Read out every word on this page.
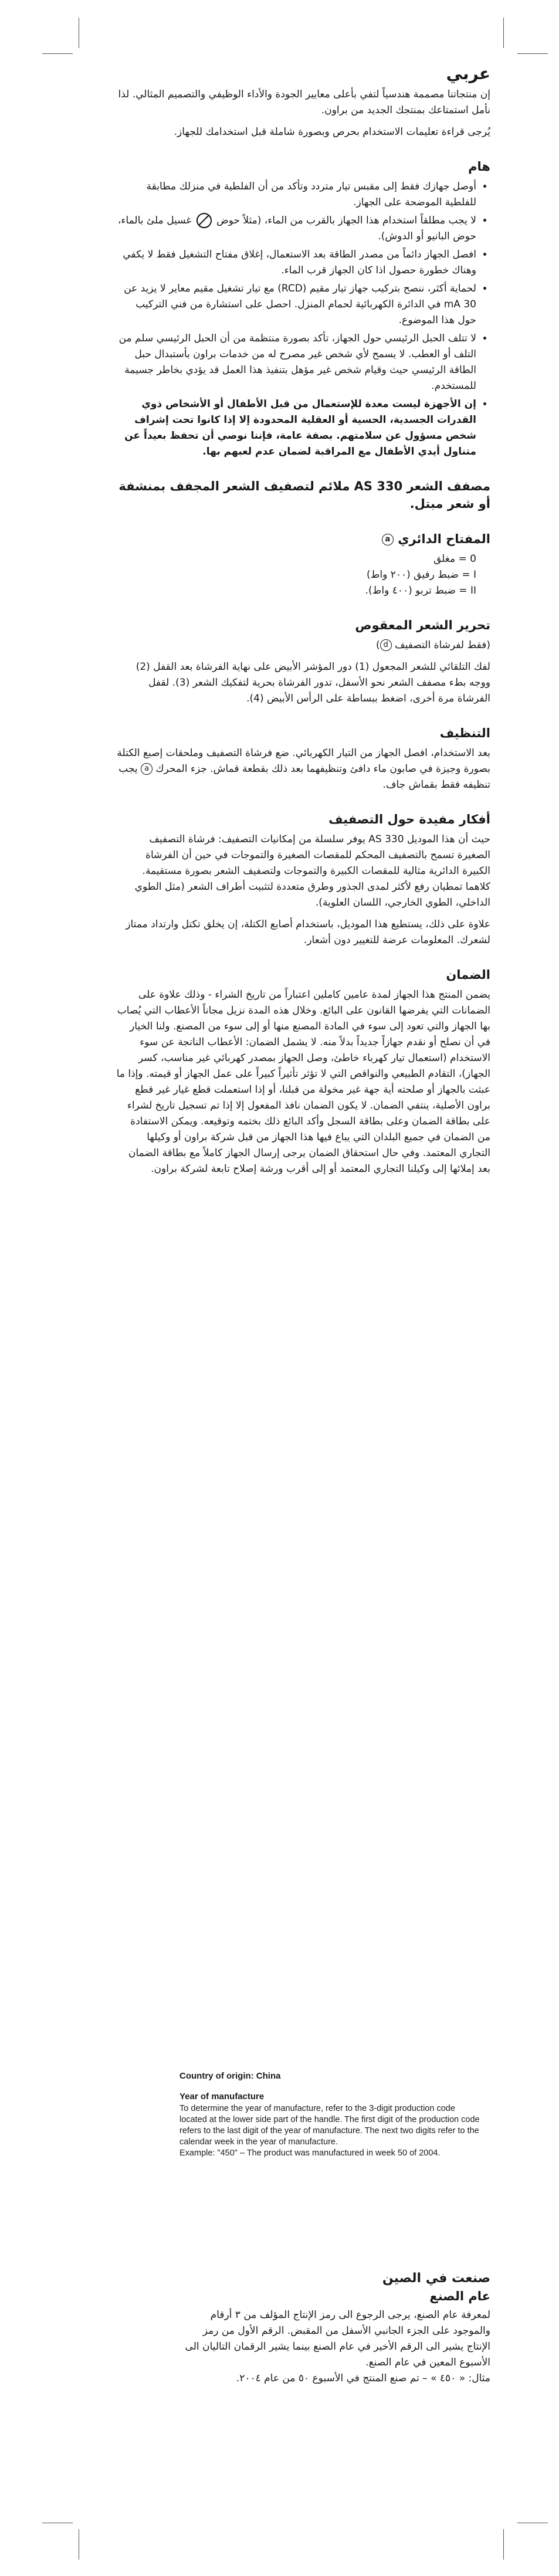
عربي

إن منتجاتنا مصممة هندسياً لتفي بأعلى معايير الجودة والأداء الوظيفي والتصميم المثالي. لذا نأمل استمتاعك بمنتجك الجديد من براون.

يُرجى قراءة تعليمات الاستخدام بحرص وبصورة شاملة قبل استخدامك للجهاز.

هام
• أوصل جهازك فقط إلى مقبس تيار متردد وتأكد من أن الفلطية في منزلك مطابقة للفلطية الموضحة على الجهاز.
• لا يجب مطلقاً استخدام هذا الجهاز بالقرب من الماء، (مثلاً حوض  غسيل ملئ بالماء، حوض البانيو أو الدوش).
• افصل الجهاز دائماً من مصدر الطاقة بعد الاستعمال، إغلاق مفتاح التشغيل فقط لا يكفي وهناك خطورة حصول اذا كان الجهاز قرب الماء.
• لحماية أكثر، ننصح بتركيب جهاز تيار مقيم (RCD) مع تيار تشغيل مقيم معاير لا يزيد عن 30 mA في الدائرة الكهربائية لحمام المنزل. احصل على استشارة من فني التركيب حول هذا الموضوع.
• لا تتلف الحبل الرئيسي حول الجهاز، تأكد بصورة منتظمة من أن الحبل الرئيسي سلم من التلف أو العطب. لا يسمح لأي شخص غير مصرح له من خدمات براون بأستبدال حبل الطاقة الرئيسي حيث وقيام شخص غير مؤهل بتنفيذ هذا العمل قد يؤدي بخاطر جسيمة للمستخدم.
• إن الأجهزة ليست معدة للإستعمال من قبل الأطفال أو الأشخاص ذوي القدرات الجسدية، الحسية أو العقلية المحدودة إلا إذا كانوا تحت إشراف شخص مسؤول عن سلامتهم. بصفة عامة، فإننا نوصي أن تحفظ بعيداً عن متناول أيدي الأطفال مع المراقبة لضمان عدم لعبهم بها.
مصفف الشعر AS 330 ملائم لتصفيف الشعر المجفف بمنشفة أو شعر مبتل.
المفتاح الدائري a
0 = مغلق
I = ضبط رفيق (٢٠٠ واط)
II = ضبط تربو (٤٠٠ واط).
تحرير الشعر المعقوص

(فقط لفرشاة التصفيف d)

لفك التلقائي للشعر المجعول (1) دور المؤشر الأبيض على نهاية الفرشاة بعد القفل (2) ووجه بطء مصفف الشعر نحو الأسفل، تدور الفرشاة بحرية لتفكيك الشعر (3). لقفل الفرشاة مرة أخرى، اضغط ببساطة على الرأس الأبيض (4).

التنظيف

بعد الاستخدام، افصل الجهاز من التيار الكهربائي. ضع فرشاة التصفيف وملحقات إصبع الكتلة بصورة وجيزة في صابون ماء دافئ وتنظيفهما بعد ذلك بقطعة قماش. جزء المحرك a يجب تنظيفه فقط بقماش جاف.

أفكار مفيدة حول التصفيف

حيث أن هذا الموديل AS 330 يوفر سلسلة من إمكانيات التصفيف: فرشاة التصفيف الصغيرة تسمح بالتصفيف المحكم للمقصات الصغيرة والتموجات في حين أن الفرشاة الكبيرة الدائرية مثالية للمقصات الكبيرة والتموجات ولتصفيف الشعر بصورة مستقيمة. كلاهما تمطيان رفع لأكثر لمدى الجذور وطرق متعددة لتثبيت أطراف الشعر (مثل الطوي الداخلي، الطوي الخارجي، اللسان العلوية).

علاوة على ذلك، يستطيع هذا الموديل، باستخدام أصابع الكتلة، إن يخلق تكتل وارتداد ممتاز لشعرك. المعلومات عرضة للتغيير دون أشعار.

الضمان

يضمن المنتج هذا الجهاز لمدة عامين كاملين اعتباراً من تاريخ الشراء - وذلك علاوة على الضمانات التي يفرضها القانون على البائع. وخلال هذه المدة نزيل مجاناً الأعطاب التي يُصاب بها الجهاز والتي تعود إلى سوء في المادة المصنع منها أو إلى سوء من المصنع. ولنا الخيار في أن نصلح أو نقدم جهازاً جديداً بدلاً منه. لا يشمل الضمان: الأعطاب الناتجة عن سوء الاستخدام (استعمال تيار كهرباء خاطئ، وصل الجهاز بمصدر كهربائي غير مناسب، كسر الجهاز)، التقادم الطبيعي والنواقص التي لا تؤثر تأثيراً كبيراً على عمل الجهاز أو قيمته. وإذا ما عبثت بالجهاز أو صلحته أية جهة غير مخولة من قبلنا، أو إذا استعملت قطع غيار غير قطع براون الأصلية، ينتفي الضمان. لا يكون الضمان نافذ المفعول إلا إذا تم تسجيل تاريخ لشراء على بطاقة الضمان وعلى بطاقة السجل وأكد البائع ذلك بختمه وتوقيعه. ويمكن الاستفادة من الضمان في جميع البلدان التي يباع فيها هذا الجهاز من قبل شركة براون أو وكيلها التجاري المعتمد. وفي حال استحقاق الضمان يرجى إرسال الجهاز كاملاً مع بطاقة الضمان بعد إملائها إلى وكيلنا التجاري المعتمد أو إلى أقرب ورشة إصلاح تابعة لشركة براون.

Country of origin: China
Year of manufacture

To determine the year of manufacture, refer to the 3-digit production code located at the lower side part of the handle. The first digit of the production code refers to the last digit of the year of manufacture. The next two digits refer to the calendar week in the year of manufacture.

Example: "450" – The product was manufactured in week 50 of 2004.

صنعت في الصين
عام الصنع

لمعرفة عام الصنع، يرجى الرجوع الى رمز الإنتاج المؤلف من ٣ أرقام والموجود على الجزء الجانبي الأسفل من المقبض. الرقم الأول من رمز الإنتاج يشير الى الرقم الأخير في عام الصنع بينما يشير الرقمان التاليان الى الأسبوع المعين في عام الصنع.

مثال: « ٤٥٠ » – تم صنع المنتج في الأسبوع ٥٠ من عام ٢٠٠٤.
